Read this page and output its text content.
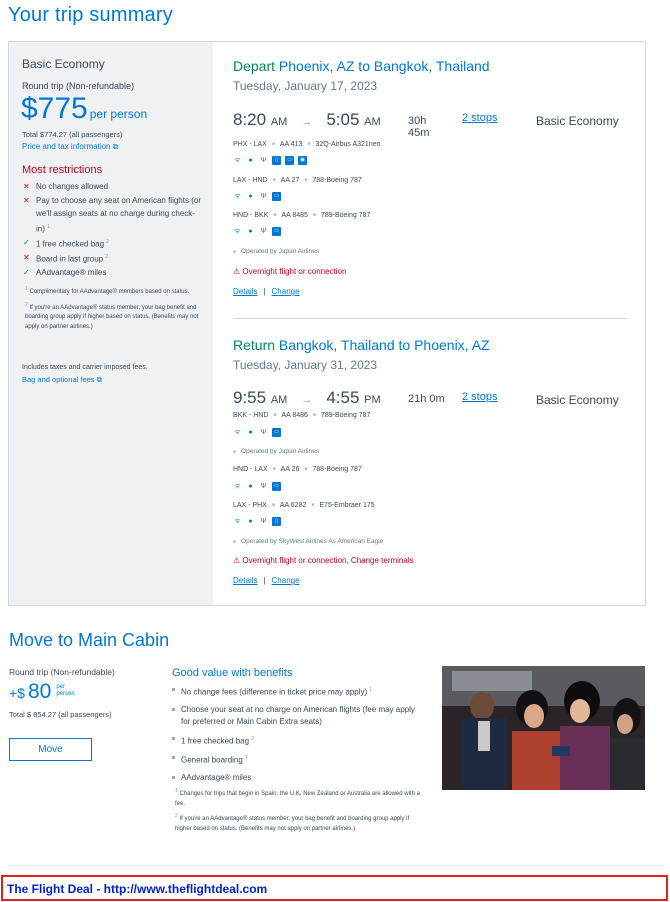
Your trip summary
Basic Economy
Round trip (Non-refundable)
$775 per person
Total $774.27 (all passengers)
Price and tax information ⧉
Most restrictions
✕ No changes allowed
✕ Pay to choose any seat on American flights (or we'll assign seats at no charge during check-in) $^1$
✓ 1 free checked bag $^2$
✕ Board in last group $^2$
✓ AAdvantage® miles

$^1$ Complimentary for AAdvantage® members based on status.

$^2$ If you're an AAdvantage® status member, your bag benefit and boarding group apply if higher based on status. (Benefits may not apply on partner airlines.)

Includes taxes and carrier imposed fees.
Bag and optional fees ⧉
Depart Phoenix, AZ to Bangkok, Thailand
Tuesday, January 17, 2023
8:20 AM → 5:05 AM 30h
45m
2 stops	Basic Economy
PHX - LAX ■ AA 413 ■ 32Q-Airbus A321neo
ᯤ	●	Ψ	▯	▭	▣
LAX - HND ■ AA 27 ■ 788-Boeing 787
ᯤ	●	Ψ	▭
HND - BKK ■ AA 8485 ■ 789-Boeing 787
ᯤ	●	Ψ	▭
■ Operated by Japan Airlines
⚠ Overnight flight or connection
Details | Change
Return Bangkok, Thailand to Phoenix, AZ
Tuesday, January 31, 2023
9:55 AM → 4:55 PM 21h 0m 2 stops	Basic Economy
BKK - HND ■ AA 8486 ■ 789-Boeing 787
ᯤ	●	Ψ	▭
■ Operated by Japan Airlines
HND - LAX ■ AA 26 ■ 788-Boeing 787
ᯤ	●	Ψ	▭
LAX - PHX ■ AA 6282 ■ E75-Embraer 175
ᯤ	●	Ψ	▯
■ Operated by SkyWest Airlines As American Eagle
⚠ Overnight flight or connection, Change terminals
Details | Change
Move to Main Cabin
Round trip (Non-refundable)
+$ 80 per
person
Total $ 854.27 (all passengers)
Move
Good value with benefits
No change fees (difference in ticket price may apply) $^1$
Choose your seat at no charge on American flights (fee may apply for preferred or Main Cabin Extra seats)
1 free checked bag $^2$
General boarding $^2$
AAdvantage® miles

$^1$ Changes for trips that begin in Spain, the U.K, New Zealand or Australia are allowed with a fee.

$^2$ If you're an AAdvantage® status member, your bag benefit and boarding group apply if higher based on status. (Benefits may not apply on partner airlines.)

The Flight Deal - http://www.theflightdeal.com
